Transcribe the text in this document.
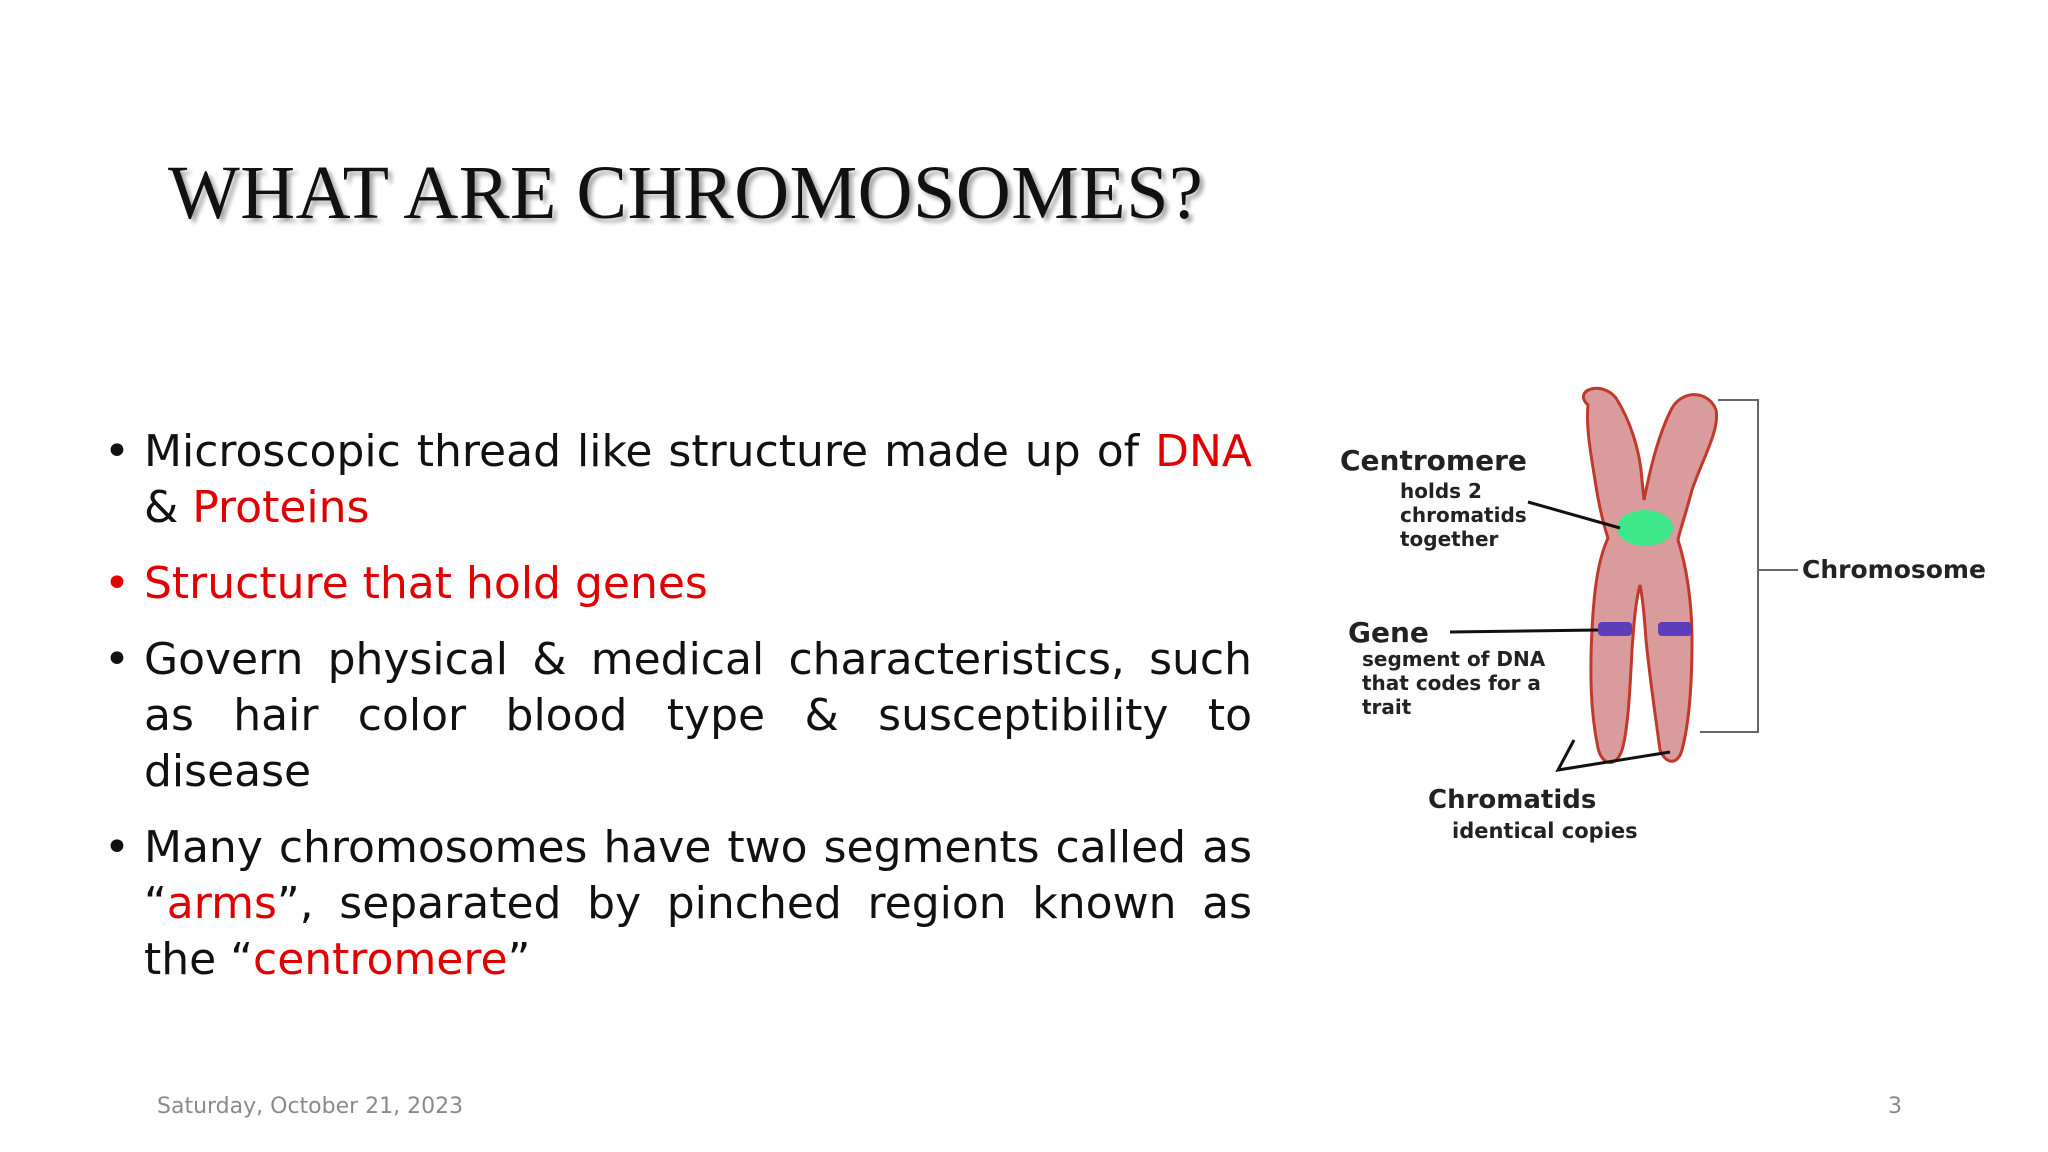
WHAT ARE CHROMOSOMES?
• Microscopic thread like structure made up of DNA & Proteins
• Structure that hold genes
• Govern physical & medical characteristics, such as hair color blood type & susceptibility to disease
• Many chromosomes have two segments called as “arms”, separated by pinched region known as the “centromere”
Centromere
holds 2
chromatids
together
Gene
segment of DNA
that codes for a
trait
Chromatids
identical copies
Chromosome
Saturday, October 21, 2023	3
